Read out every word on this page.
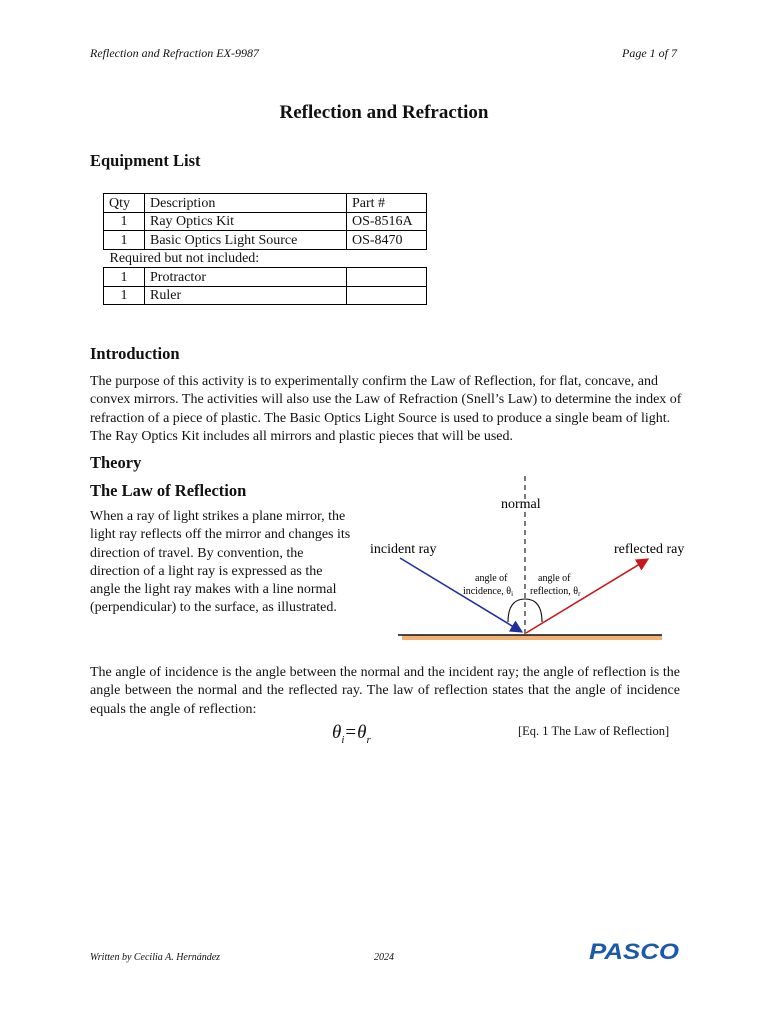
Reflection and Refraction EX-9987	Page 1 of 7
Reflection and Refraction
Equipment List
Qty	Description	Part #
1	Ray Optics Kit	OS-8516A
1	Basic Optics Light Source	OS-8470
Required but not included:		
1	Protractor	
1	Ruler	
Introduction
The purpose of this activity is to experimentally confirm the Law of Reflection, for flat, concave, and convex mirrors. The activities will also use the Law of Refraction (Snell’s Law) to determine the index of refraction of a piece of plastic. The Basic Optics Light Source is used to produce a single beam of light. The Ray Optics Kit includes all mirrors and plastic pieces that will be used.
Theory
The Law of Reflection
When a ray of light strikes a plane mirror, the light ray reflects off the mirror and changes its direction of travel. By convention, the direction of a light ray is expressed as the angle the light ray makes with a line normal (perpendicular) to the surface, as illustrated.
normal
incident ray	reflected ray
angle of
incidence, $\theta_i$
angle of
reflection, $\theta_r$
The angle of incidence is the angle between the normal and the incident ray; the angle of reflection is the angle between the normal and the reflected ray. The law of reflection states that the angle of incidence equals the angle of reflection:
$\theta_i=\theta_r$
[Eq. 1 The Law of Reflection]
Written by Cecilia A. Hernández	2024	PASCO
